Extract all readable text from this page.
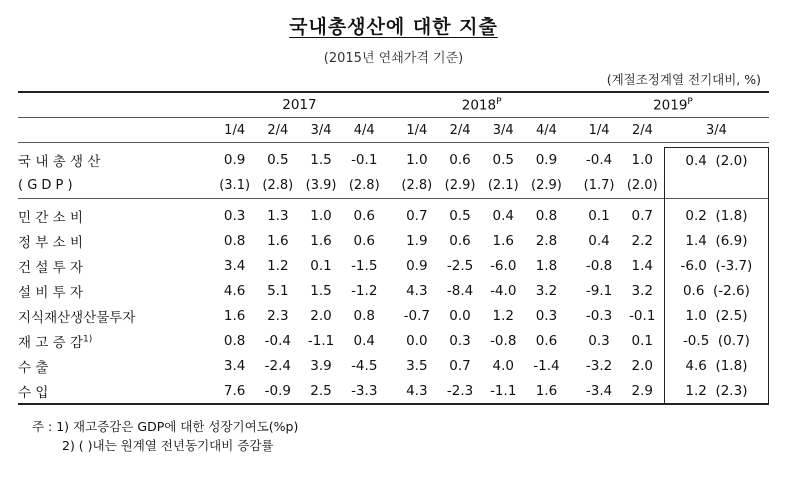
국내총생산에 대한 지출
(2015년 연쇄가격 기준)
(계절조정계열 전기대비, %)
	2017					$2018^P$					$2019^P$
	1/4	2/4	3/4	4/4		1/4	2/4	3/4	4/4		1/4	2/4	3/4

국 내 총 생 산	0.9	0.5	1.5	-0.1		1.0	0.6	0.5	0.9		-0.4	1.0	0.4 (2.0)
( G D P )	(3.1)	(2.8)	(3.9)	(2.8)		(2.8)	(2.9)	(2.1)	(2.9)		(1.7)	(2.0)	

민 간 소 비	0.3	1.3	1.0	0.6		0.7	0.5	0.4	0.8		0.1	0.7	0.2 (1.8)
정 부 소 비	0.8	1.6	1.6	0.6		1.9	0.6	1.6	2.8		0.4	2.2	1.4 (6.9)
건 설 투 자	3.4	1.2	0.1	-1.5		0.9	-2.5	-6.0	1.8		-0.8	1.4	-6.0 (-3.7)
설 비 투 자	4.6	5.1	1.5	-1.2		4.3	-8.4	-4.0	3.2		-9.1	3.2	0.6 (-2.6)
지식재산생산물투자	1.6	2.3	2.0	0.8		-0.7	0.0	1.2	0.3		-0.3	-0.1	1.0 (2.5)
재 고 증 감$^{1)}$	0.8	-0.4	-1.1	0.4		0.0	0.3	-0.8	0.6		0.3	0.1	-0.5 (0.7)
수 출	3.4	-2.4	3.9	-4.5		3.5	0.7	4.0	-1.4		-3.2	2.0	4.6 (1.8)
수 입	7.6	-0.9	2.5	-3.3		4.3	-2.3	-1.1	1.6		-3.4	2.9	1.2 (2.3)

주 : 1) 재고증감은 GDP에 대한 성장기여도(%p)
2) ( )내는 원계열 전년동기대비 증감률
